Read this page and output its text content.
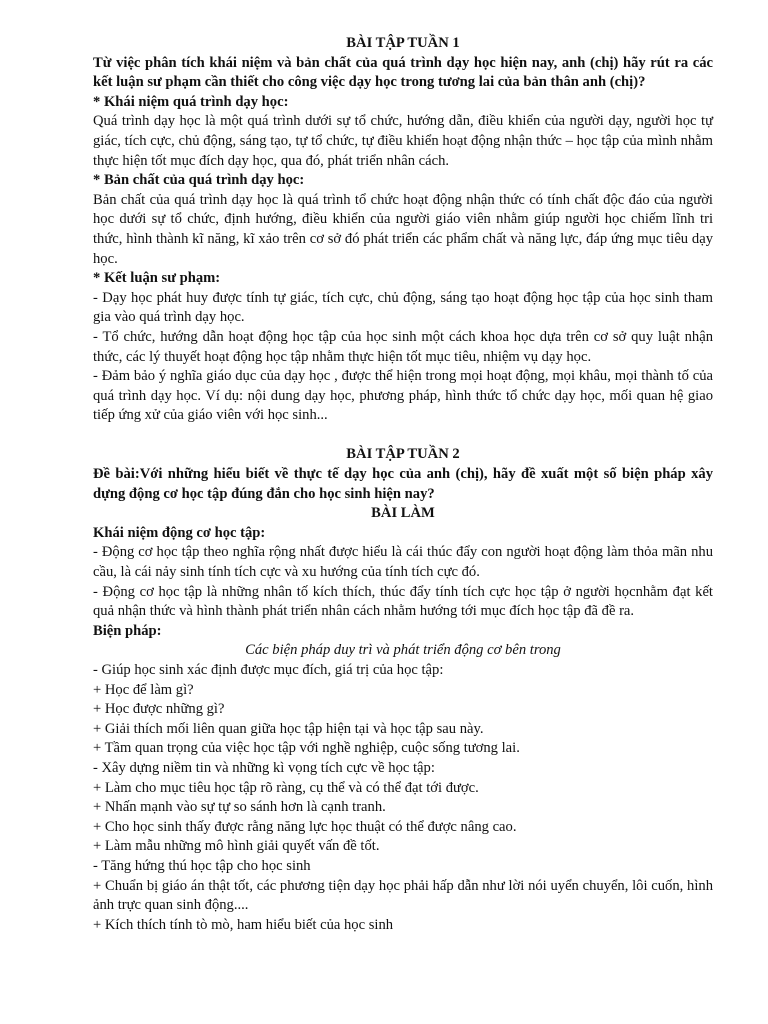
BÀI TẬP TUẦN 1

Từ việc phân tích khái niệm và bản chất của quá trình dạy học hiện nay, anh (chị) hãy rút ra các kết luận sư phạm cần thiết cho công việc dạy học trong tương lai của bản thân anh (chị)?

* Khái niệm quá trình dạy học:

Quá trình dạy học là một quá trình dưới sự tổ chức, hướng dẫn, điều khiển của người dạy, người học tự giác, tích cực, chủ động, sáng tạo, tự tổ chức, tự điều khiển hoạt động nhận thức – học tập của mình nhằm thực hiện tốt mục đích dạy học, qua đó, phát triển nhân cách.

* Bản chất của quá trình dạy học:

Bản chất của quá trình dạy học là quá trình tổ chức hoạt động nhận thức có tính chất độc đáo của người học dưới sự tổ chức, định hướng, điều khiển của người giáo viên nhằm giúp người học chiếm lĩnh tri thức, hình thành kĩ năng, kĩ xảo trên cơ sở đó phát triển các phẩm chất và năng lực, đáp ứng mục tiêu dạy học.

* Kết luận sư phạm:

- Dạy học phát huy được tính tự giác, tích cực, chủ động, sáng tạo hoạt động học tập của học sinh tham gia vào quá trình dạy học.

- Tổ chức, hướng dẫn hoạt động học tập của học sinh một cách khoa học dựa trên cơ sở quy luật nhận thức, các lý thuyết hoạt động học tập nhằm thực hiện tốt mục tiêu, nhiệm vụ dạy học.

- Đảm bảo ý nghĩa giáo dục của dạy học , được thể hiện trong mọi hoạt động, mọi khâu, mọi thành tố của quá trình dạy học. Ví dụ: nội dung dạy học, phương pháp, hình thức tổ chức dạy học, mối quan hệ giao tiếp ứng xử của giáo viên với học sinh...

BÀI TẬP TUẦN 2

Đề bài:Với những hiểu biết về thực tế dạy học của anh (chị), hãy đề xuất một số biện pháp xây dựng động cơ học tập đúng đắn cho học sinh hiện nay?

BÀI LÀM

Khái niệm động cơ học tập:

- Động cơ học tập theo nghĩa rộng nhất được hiểu là cái thúc đẩy con người hoạt động làm thỏa mãn nhu cầu, là cái nảy sinh tính tích cực và xu hướng của tính tích cực đó.

- Động cơ học tập là những nhân tố kích thích, thúc đẩy tính tích cực học tập ở người họcnhằm đạt kết quả nhận thức và hình thành phát triển nhân cách nhằm hướng tới mục đích học tập đã đề ra.

Biện pháp:

Các biện pháp duy trì và phát triển động cơ bên trong

- Giúp học sinh xác định được mục đích, giá trị của học tập:

+ Học để làm gì?

+ Học được những gì?

+ Giải thích mối liên quan giữa học tập hiện tại và học tập sau này.

+ Tầm quan trọng của việc học tập với nghề nghiệp, cuộc sống tương lai.

- Xây dựng niềm tin và những kì vọng tích cực về học tập:

+ Làm cho mục tiêu học tập rõ ràng, cụ thể và có thể đạt tới được.

+ Nhấn mạnh vào sự tự so sánh hơn là cạnh tranh.

+ Cho học sinh thấy được rằng năng lực học thuật có thể được nâng cao.

+ Làm mẫu những mô hình giải quyết vấn đề tốt.

- Tăng hứng thú học tập cho học sinh

+ Chuẩn bị giáo án thật tốt, các phương tiện dạy học phải hấp dẫn như lời nói uyển chuyển, lôi cuốn, hình ảnh trực quan sinh động....

+ Kích thích tính tò mò, ham hiểu biết của học sinh
